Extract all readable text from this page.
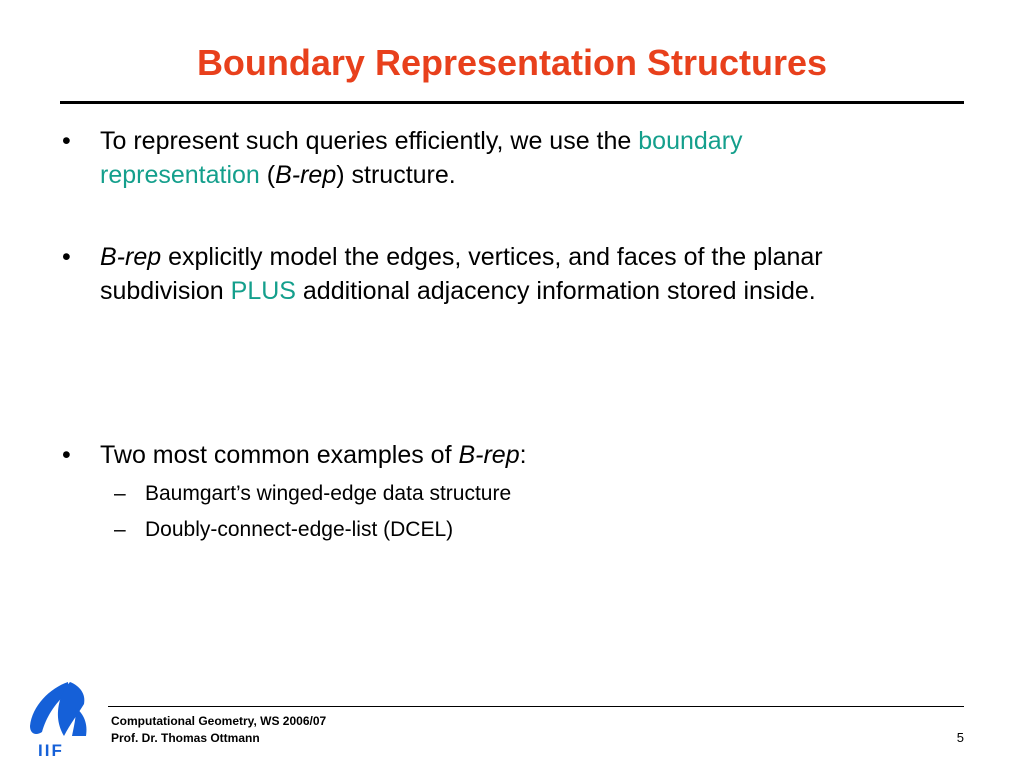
Boundary Representation Structures
•	To represent such queries efficiently, we use the boundary
representation (B-rep) structure.
•	B-rep explicitly model the edges, vertices, and faces of the planar
subdivision PLUS additional adjacency information stored inside.
•	Two most common examples of B-rep:
– Baumgart’s winged-edge data structure
– Doubly-connect-edge-list (DCEL)
IIF
Computational Geometry, WS 2006/07
Prof. Dr. Thomas Ottmann	5
